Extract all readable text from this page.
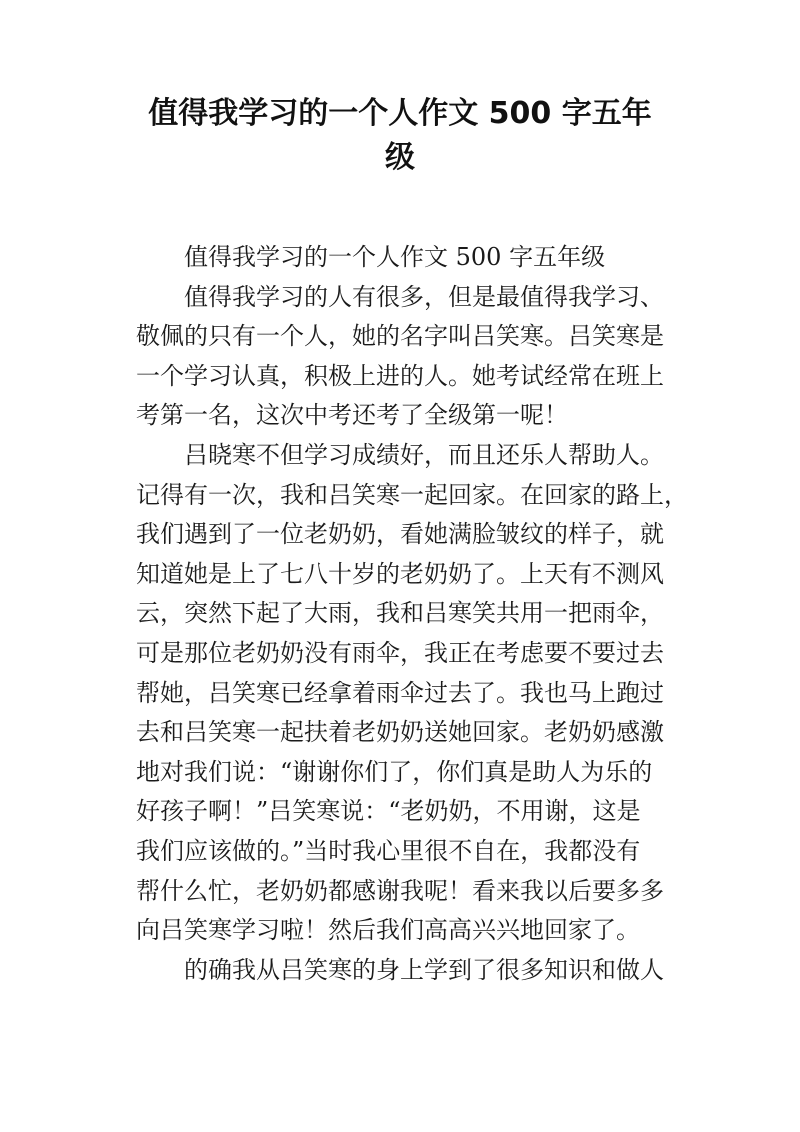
值得我学习的一个人作文 500 字五年
级
值得我学习的一个人作文 500 字五年级
值得我学习的人有很多，但是最值得我学习、
敬佩的只有一个人，她的名字叫吕笑寒。吕笑寒是
一个学习认真，积极上进的人。她考试经常在班上
考第一名，这次中考还考了全级第一呢！
吕晓寒不但学习成绩好，而且还乐人帮助人。
记得有一次，我和吕笑寒一起回家。在回家的路上，
我们遇到了一位老奶奶，看她满脸皱纹的样子，就
知道她是上了七八十岁的老奶奶了。上天有不测风
云，突然下起了大雨，我和吕寒笑共用一把雨伞，
可是那位老奶奶没有雨伞，我正在考虑要不要过去
帮她，吕笑寒已经拿着雨伞过去了。我也马上跑过
去和吕笑寒一起扶着老奶奶送她回家。老奶奶感激
地对我们说：“谢谢你们了，你们真是助人为乐的
好孩子啊！”吕笑寒说：“老奶奶，不用谢，这是
我们应该做的。”当时我心里很不自在，我都没有
帮什么忙，老奶奶都感谢我呢！看来我以后要多多
向吕笑寒学习啦！然后我们高高兴兴地回家了。
的确我从吕笑寒的身上学到了很多知识和做人
